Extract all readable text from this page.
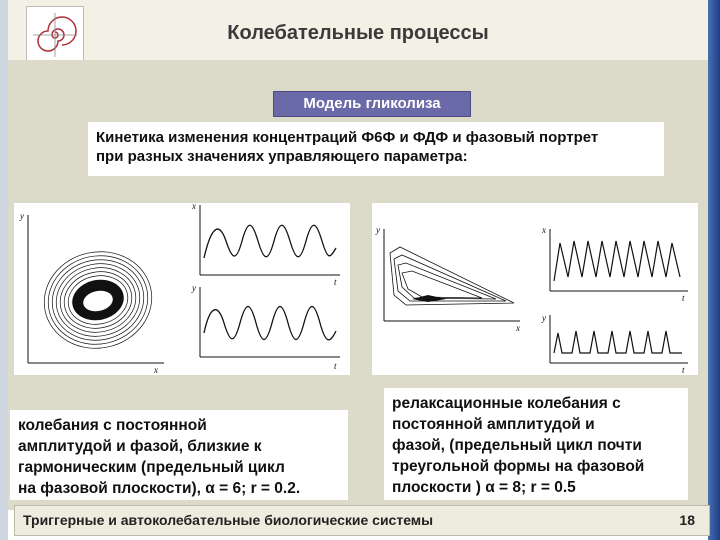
Колебательные процессы
Модель гликолиза
Кинетика изменения концентраций Ф6Ф и ФДФ и фазовый портрет
при разных значениях управляющего параметра:
y
x
x
t
y
t
y
x
x
t
y
t
колебания с постоянной
амплитудой и фазой, близкие к
гармоническим (предельный цикл
на фазовой плоскости), α = 6; r = 0.2.
релаксационные колебания с
постоянной амплитудой и
фазой, (предельный цикл почти
треугольной формы на фазовой
плоскости ) α = 8; r = 0.5
Триггерные и автоколебательные биологические системы	18
